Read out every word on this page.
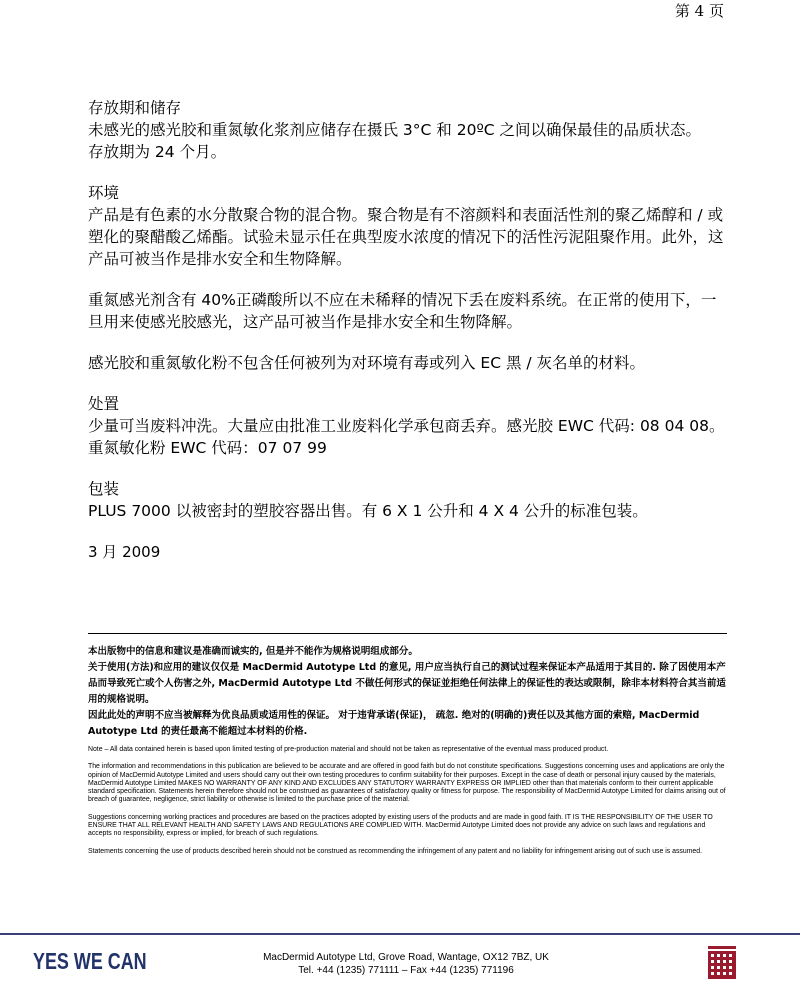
第 4 页

存放期和储存

未感光的感光胶和重氮敏化浆剂应储存在摄氏 3°C 和 20ºC 之间以确保最佳的品质状态。

存放期为 24 个月。

环境

产品是有色素的水分散聚合物的混合物。聚合物是有不溶颜料和表面活性剂的聚乙烯醇和 / 或塑化的聚醋酸乙烯酯。试验未显示任在典型废水浓度的情况下的活性污泥阻聚作用。此外，这产品可被当作是排水安全和生物降解。

重氮感光剂含有 40%正磷酸所以不应在未稀释的情况下丢在废料系统。在正常的使用下，一旦用来使感光胶感光，这产品可被当作是排水安全和生物降解。

感光胶和重氮敏化粉不包含任何被列为对环境有毒或列入 EC 黑 / 灰名单的材料。

处置

少量可当废料冲洗。大量应由批准工业废料化学承包商丢弃。感光胶 EWC 代码: 08 04 08。重氮敏化粉 EWC 代码：07 07 99

包装

PLUS 7000 以被密封的塑胶容器出售。有 6 X 1 公升和 4 X 4 公升的标准包装。

3 月 2009

本出版物中的信息和建议是准确而诚实的, 但是并不能作为规格说明组成部分。

关于使用(方法)和应用的建议仅仅是 MacDermid Autotype Ltd 的意见, 用户应当执行自己的测试过程来保证本产品适用于其目的. 除了因使用本产品而导致死亡或个人伤害之外, MacDermid Autotype Ltd 不做任何形式的保证並拒绝任何法律上的保证性的表达或限制，除非本材料符合其当前适用的规格说明。

因此此处的声明不应当被解释为优良品质或适用性的保证。 对于违背承诺(保证)， 疏忽. 绝对的(明确的)责任以及其他方面的索赔, MacDermid Autotype Ltd 的责任最高不能超过本材料的价格.

Note – All data contained herein is based upon limited testing of pre-production material and should not be taken as representative of the eventual mass produced product.

The information and recommendations in this publication are believed to be accurate and are offered in good faith but do not constitute specifications. Suggestions concerning uses and applications are only the opinion of MacDermid Autotype Limited and users should carry out their own testing procedures to confirm suitability for their purposes. Except in the case of death or personal injury caused by the materials, MacDermid Autotype Limited MAKES NO WARRANTY OF ANY KIND AND EXCLUDES ANY STATUTORY WARRANTY EXPRESS OR IMPLIED other than that materials conform to their current applicable standard specification. Statements herein therefore should not be construed as guarantees of satisfactory quality or fitness for purpose. The responsibility of MacDermid Autotype Limited for claims arising out of breach of guarantee, negligence, strict liability or otherwise is limited to the purchase price of the material.

Suggestions concerning working practices and procedures are based on the practices adopted by existing users of the products and are made in good faith. IT IS THE RESPONSIBILITY OF THE USER TO ENSURE THAT ALL RELEVANT HEALTH AND SAFETY LAWS AND REGULATIONS ARE COMPLIED WITH. MacDermid Autotype Limited does not provide any advice on such laws and regulations and accepts no responsibility, express or implied, for breach of such regulations.

Statements concerning the use of products described herein should not be construed as recommending the infringement of any patent and no liability for infringement arising out of such use is assumed.

YES WE CAN	MacDermid Autotype Ltd, Grove Road, Wantage, OX12 7BZ, UK
Tel. +44 (1235) 771111 – Fax +44 (1235) 771196
